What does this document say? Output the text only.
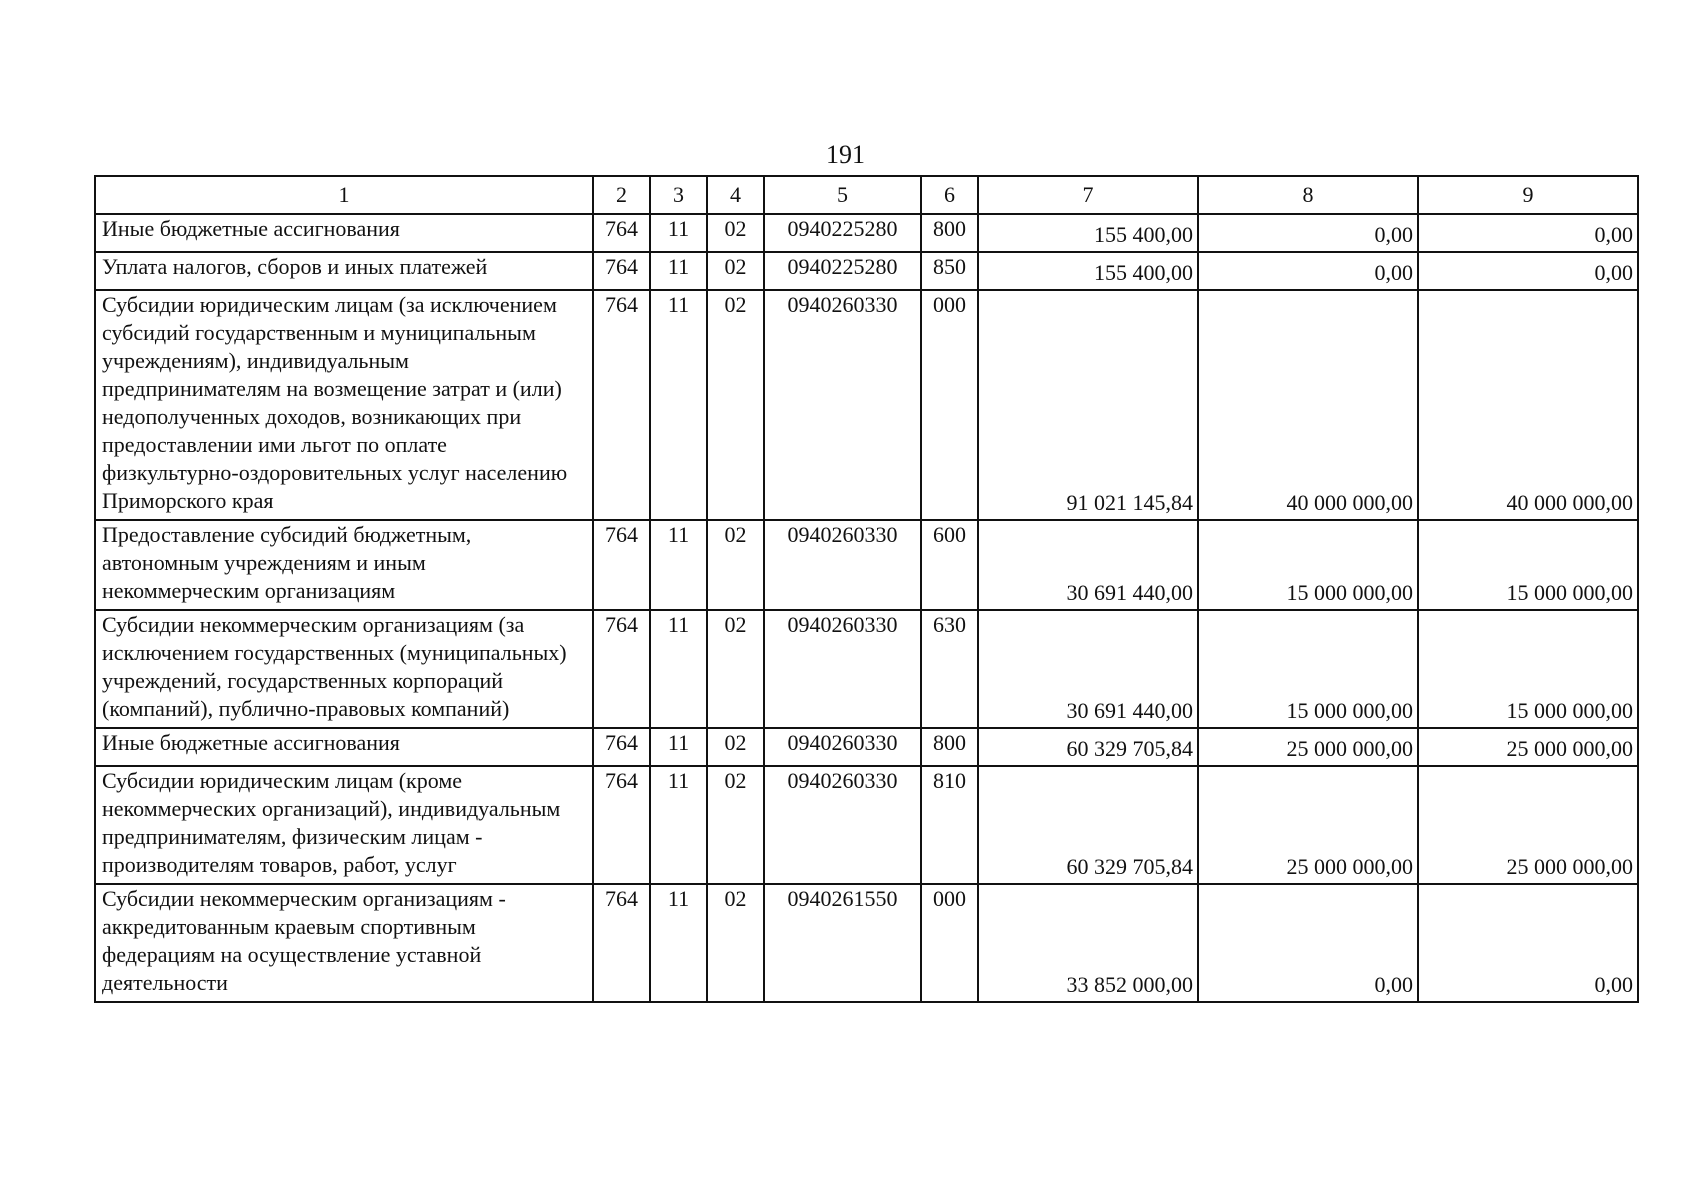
191
1	2	3	4	5	6	7	8	9
Иные бюджетные ассигнования	764	11	02	0940225280	800	155 400,00	0,00	0,00
Уплата налогов, сборов и иных платежей	764	11	02	0940225280	850	155 400,00	0,00	0,00
Субсидии юридическим лицам (за исключением субсидий государственным и муниципальным учреждениям), индивидуальным предпринимателям на возмещение затрат и (или) недополученных доходов, возникающих при предоставлении ими льгот по оплате физкультурно-оздоровительных услуг населению Приморского края	764	11	02	0940260330	000	91 021 145,84	40 000 000,00	40 000 000,00
Предоставление субсидий бюджетным, автономным учреждениям и иным некоммерческим организациям	764	11	02	0940260330	600	30 691 440,00	15 000 000,00	15 000 000,00
Субсидии некоммерческим организациям (за исключением государственных (муниципальных) учреждений, государственных корпораций (компаний), публично-правовых компаний)	764	11	02	0940260330	630	30 691 440,00	15 000 000,00	15 000 000,00
Иные бюджетные ассигнования	764	11	02	0940260330	800	60 329 705,84	25 000 000,00	25 000 000,00
Субсидии юридическим лицам (кроме некоммерческих организаций), индивидуальным предпринимателям, физическим лицам - производителям товаров, работ, услуг	764	11	02	0940260330	810	60 329 705,84	25 000 000,00	25 000 000,00
Субсидии некоммерческим организациям - аккредитованным краевым спортивным федерациям на осуществление уставной деятельности	764	11	02	0940261550	000	33 852 000,00	0,00	0,00
